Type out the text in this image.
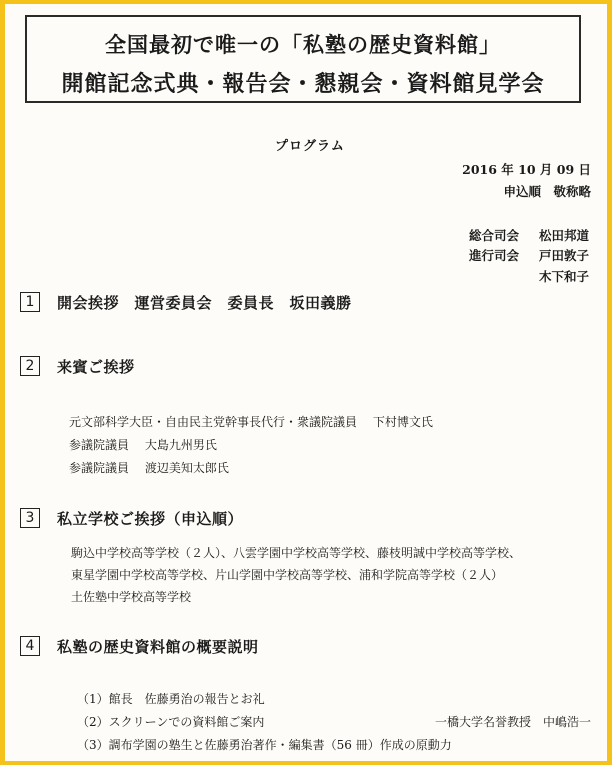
全国最初で唯一の「私塾の歴史資料館」
開館記念式典・報告会・懇親会・資料館見学会
プログラム
2016 年 10 月 09 日
申込順　敬称略
総合司会 松田邦道
進行司会 戸田敦子
木下和子
1	開会挨拶　運営委員会　委員長　坂田義勝
2	来賓ご挨拶
元文部科学大臣・自由民主党幹事長代行・衆議院議員　 下村博文氏
参議院議員　 大島九州男氏
参議院議員　 渡辺美知太郎氏
3	私立学校ご挨拶（申込順）
駒込中学校高等学校（２人）、八雲学園中学校高等学校、藤枝明誠中学校高等学校、
東星学園中学校高等学校、片山学園中学校高等学校、浦和学院高等学校（２人）
土佐塾中学校高等学校
4	私塾の歴史資料館の概要説明
（1）館長　佐藤勇治の報告とお礼
（2）スクリーンでの資料館ご案内	一橋大学名誉教授　中嶋浩一
（3）調布学園の塾生と佐藤勇治著作・編集書（56 冊）作成の原動力
